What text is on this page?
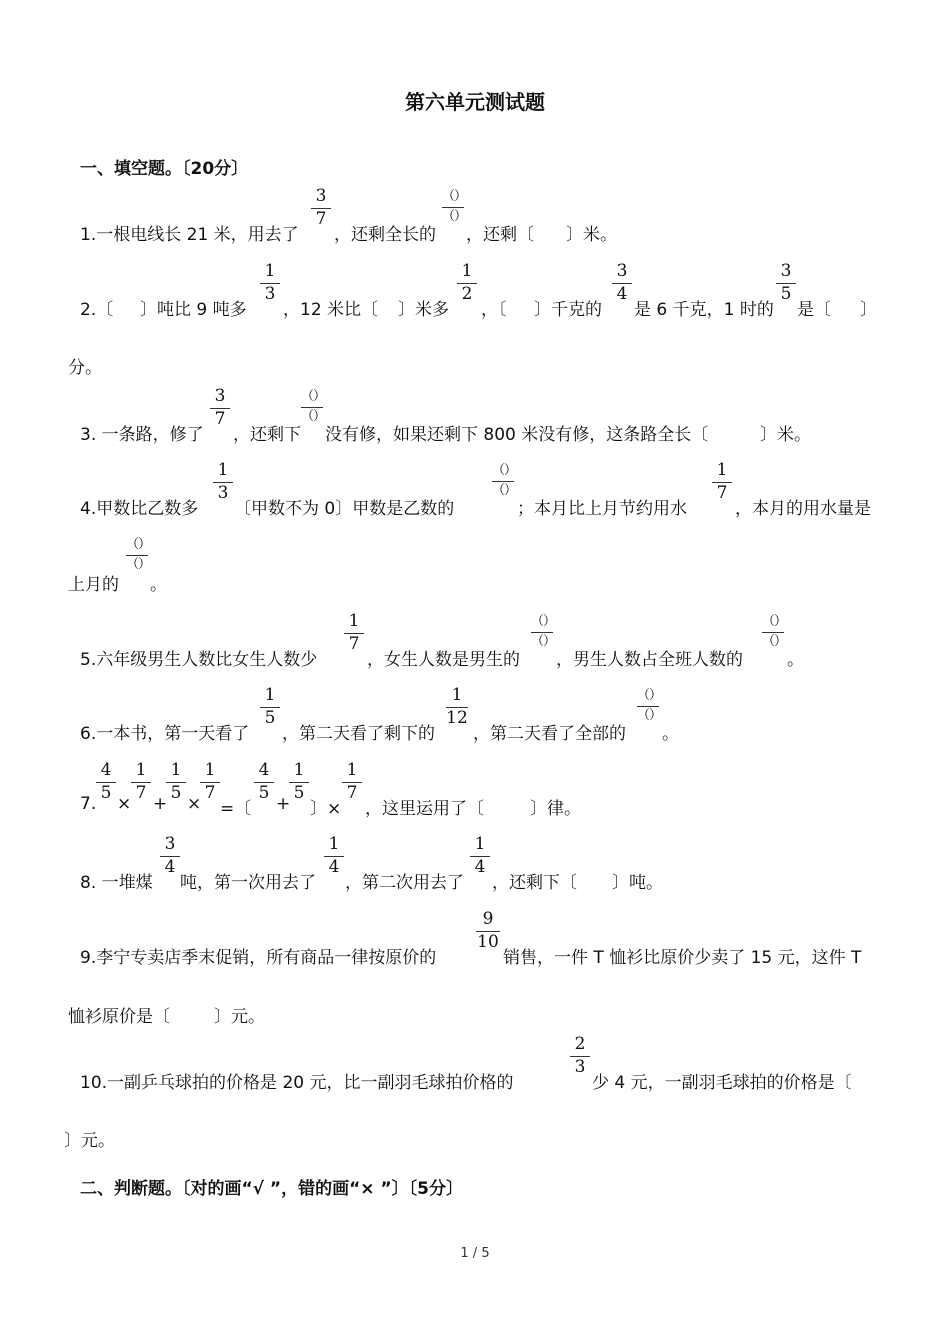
第六单元测试题
一、填空题。〔20分〕
1.一根电线长 21 米，用去了
3
7
，还剩全长的
（）
（）
，还剩〔 〕米。
2.〔 〕吨比 9 吨多
1
3
，12 米比〔 〕米多
1
2
，〔 〕千克的
3
4
是 6 千克，1 时的
3
5
是〔 〕
分。
3. 一条路，修了
3
7
，还剩下
（）
（）
没有修，如果还剩下 800 米没有修，这条路全长〔	〕米。
4.甲数比乙数多
1
3
〔甲数不为 0〕甲数是乙数的
（）
（）
；本月比上月节约用水
1
7
，本月的用水量是
上月的
（）
（）
。
5.六年级男生人数比女生人数少
1
7
，女生人数是男生的
（）
（）
，男生人数占全班人数的
（）
（）
。
6.一本书，第一天看了
1
5
，第二天看了剩下的
1
12
，第二天看了全部的
（）
（）
。
7.
4
5
×
1
7
+
1
5
×
1
7
=〔
4
5
+
1
5
〕×
1
7
，这里运用了〔	〕律。
8. 一堆煤
3
4
吨，第一次用去了
1
4
，第二次用去了
1
4
，还剩下〔 〕吨。
9.李宁专卖店季末促销，所有商品一律按原价的
9
10
销售，一件 T 恤衫比原价少卖了 15 元，这件 T
恤衫原价是〔	〕元。
10.一副乒乓球拍的价格是 20 元，比一副羽毛球拍价格的
2
3
少 4 元，一副羽毛球拍的价格是〔
〕元。
二、判断题。〔对的画“√ ”，错的画“× ”〕〔5分〕
1 / 5
